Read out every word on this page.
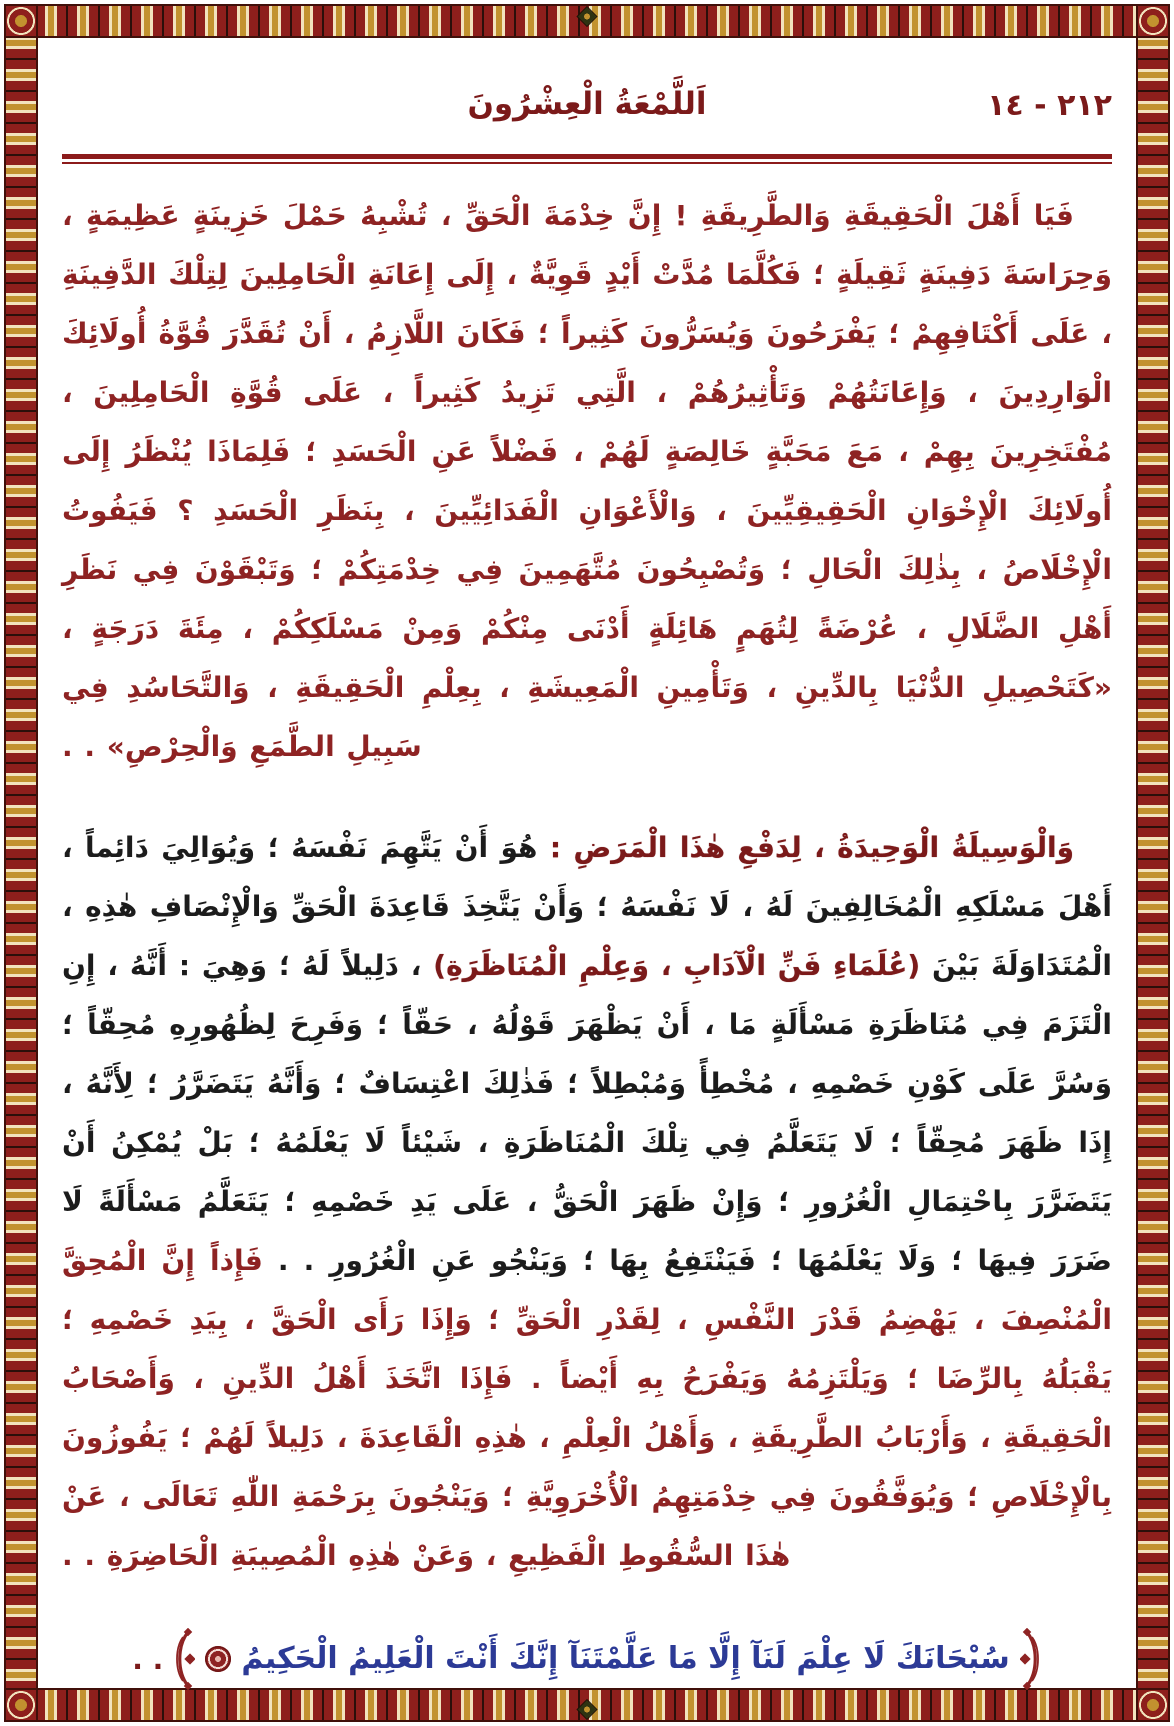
اَللَّمْعَةُ الْعِشْرُونَ	٢١٢ - ١٤

فَيَا أَهْلَ الْحَقِيقَةِ وَالطَّرِيقَةِ ! إِنَّ خِدْمَةَ الْحَقِّ ، تُشْبِهُ حَمْلَ خَزِينَةٍ عَظِيمَةٍ ، وَحِرَاسَةَ دَفِينَةٍ ثَقِيلَةٍ ؛ فَكُلَّمَا مُدَّتْ أَيْدٍ قَوِيَّةٌ ، إِلَى إِعَانَةِ الْحَامِلِينَ لِتِلْكَ الدَّفِينَةِ ، عَلَى أَكْتَافِهِمْ ؛ يَفْرَحُونَ وَيُسَرُّونَ كَثِيراً ؛ فَكَانَ اللَّازِمُ ، أَنْ تُقَدَّرَ قُوَّةُ أُولَائِكَ الْوَارِدِينَ ، وَإِعَانَتُهُمْ وَتَأْثِيرُهُمْ ، الَّتِي تَزِيدُ كَثِيراً ، عَلَى قُوَّةِ الْحَامِلِينَ ، مُفْتَخِرِينَ بِهِمْ ، مَعَ مَحَبَّةٍ خَالِصَةٍ لَهُمْ ، فَضْلاً عَنِ الْحَسَدِ ؛ فَلِمَاذَا يُنْظَرُ إِلَى أُولَائِكَ الْإِخْوَانِ الْحَقِيقِيِّينَ ، وَالْأَعْوَانِ الْفَدَائِيِّينَ ، بِنَظَرِ الْحَسَدِ ؟ فَيَفُوتُ الْإِخْلَاصُ ، بِذٰلِكَ الْحَالِ ؛ وَتُصْبِحُونَ مُتَّهَمِينَ فِي خِدْمَتِكُمْ ؛ وَتَبْقَوْنَ فِي نَظَرِ أَهْلِ الضَّلَالِ ، عُرْضَةً لِتُهَمٍ هَائِلَةٍ أَدْنَى مِنْكُمْ وَمِنْ مَسْلَكِكُمْ ، مِئَةَ دَرَجَةٍ ، «كَتَحْصِيلِ الدُّنْيَا بِالدِّينِ ، وَتَأْمِينِ الْمَعِيشَةِ ، بِعِلْمِ الْحَقِيقَةِ ، وَالتَّحَاسُدِ فِي سَبِيلِ الطَّمَعِ وَالْحِرْصِ» . .

وَالْوَسِيلَةُ الْوَحِيدَةُ ، لِدَفْعِ هٰذَا الْمَرَضِ : هُوَ أَنْ يَتَّهِمَ نَفْسَهُ ؛ وَيُوَالِيَ دَائِماً ، أَهْلَ مَسْلَكِهِ الْمُخَالِفِينَ لَهُ ، لَا نَفْسَهُ ؛ وَأَنْ يَتَّخِذَ قَاعِدَةَ الْحَقِّ وَالْإِنْصَافِ هٰذِهِ ، الْمُتَدَاوَلَةَ بَيْنَ (عُلَمَاءِ فَنِّ الْآدَابِ ، وَعِلْمِ الْمُنَاظَرَةِ) ، دَلِيلاً لَهُ ؛ وَهِيَ : أَنَّهُ ، إِنِ الْتَزَمَ فِي مُنَاظَرَةِ مَسْأَلَةٍ مَا ، أَنْ يَظْهَرَ قَوْلُهُ ، حَقّاً ؛ وَفَرِحَ لِظُهُورِهِ مُحِقّاً ؛ وَسُرَّ عَلَى كَوْنِ خَصْمِهِ ، مُخْطِأً وَمُبْطِلاً ؛ فَذٰلِكَ اعْتِسَافٌ ؛ وَأَنَّهُ يَتَضَرَّرُ ؛ لِأَنَّهُ ، إِذَا ظَهَرَ مُحِقّاً ؛ لَا يَتَعَلَّمُ فِي تِلْكَ الْمُنَاظَرَةِ ، شَيْئاً لَا يَعْلَمُهُ ؛ بَلْ يُمْكِنُ أَنْ يَتَضَرَّرَ بِاحْتِمَالِ الْغُرُورِ ؛ وَإِنْ ظَهَرَ الْحَقُّ ، عَلَى يَدِ خَصْمِهِ ؛ يَتَعَلَّمُ مَسْأَلَةً لَا ضَرَرَ فِيهَا ؛ وَلَا يَعْلَمُهَا ؛ فَيَنْتَفِعُ بِهَا ؛ وَيَنْجُو عَنِ الْغُرُورِ . . فَإِذاً إِنَّ الْمُحِقَّ الْمُنْصِفَ ، يَهْضِمُ قَدْرَ النَّفْسِ ، لِقَدْرِ الْحَقِّ ؛ وَإِذَا رَأَى الْحَقَّ ، بِيَدِ خَصْمِهِ ؛ يَقْبَلُهُ بِالرِّضَا ؛ وَيَلْتَزِمُهُ وَيَفْرَحُ بِهِ أَيْضاً . فَإِذَا اتَّخَذَ أَهْلُ الدِّينِ ، وَأَصْحَابُ الْحَقِيقَةِ ، وَأَرْبَابُ الطَّرِيقَةِ ، وَأَهْلُ الْعِلْمِ ، هٰذِهِ الْقَاعِدَةَ ، دَلِيلاً لَهُمْ ؛ يَفُوزُونَ بِالْإِخْلَاصِ ؛ وَيُوَفَّقُونَ فِي خِدْمَتِهِمُ الْأُخْرَوِيَّةِ ؛ وَيَنْجُونَ بِرَحْمَةِ اللّٰهِ تَعَالَى ، عَنْ هٰذَا السُّقُوطِ الْفَظِيعِ ، وَعَنْ هٰذِهِ الْمُصِيبَةِ الْحَاضِرَةِ . .

سُبْحَانَكَ لَا عِلْمَ لَنَآ إِلَّا مَا عَلَّمْتَنَآ إِنَّكَ أَنْتَ الْعَلِيمُ الْحَكِيمُ
. .
